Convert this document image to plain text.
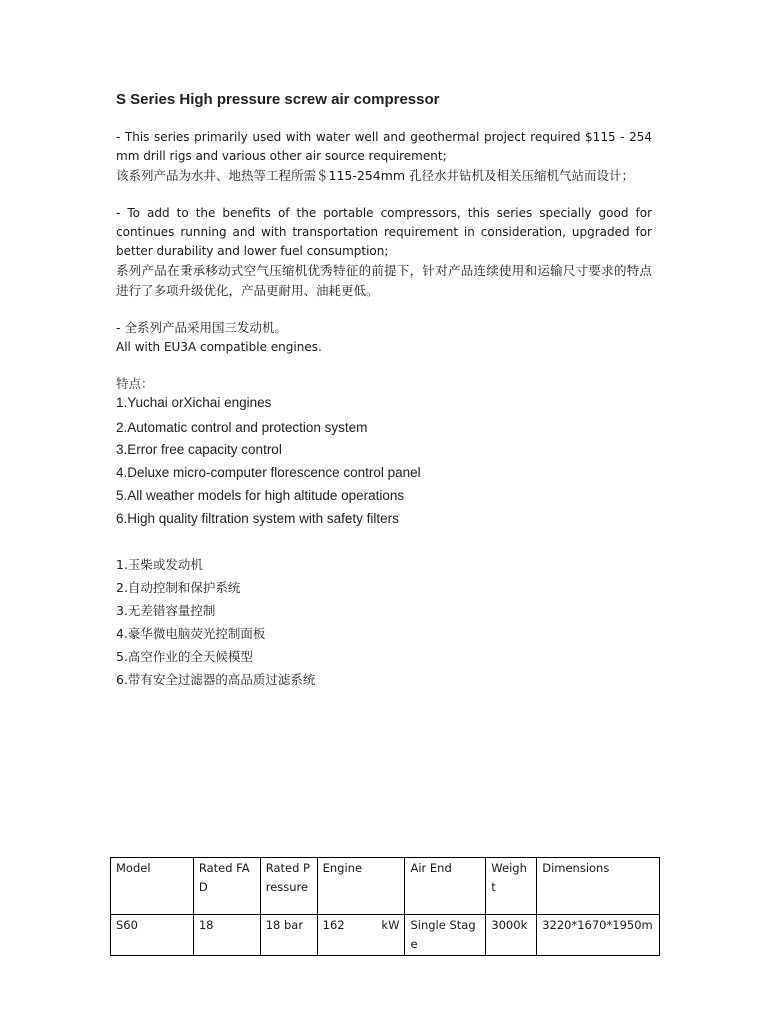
S Series High pressure screw air compressor
- This series primarily used with water well and geothermal project required $115 - 254 mm drill rigs and various other air source requirement;
该系列产品为水井、地热等工程所需＄115-254mm 孔径水井钻机及相关压缩机气站而设计；
- To add to the benefits of the portable compressors, this series specially good for continues running and with transportation requirement in consideration, upgraded for better durability and lower fuel consumption;
系列产品在秉承移动式空气压缩机优秀特征的前提下，针对产品连续使用和运输尺寸要求的特点进行了多项升级优化，产品更耐用、油耗更低。
- 全系列产品采用国三发动机。
All with EU3A compatible engines.
特点：
1.Yuchai orXichai engines
2.Automatic control and protection system
3.Error free capacity control
4.Deluxe micro-computer florescence control panel
5.All weather models for high altitude operations
6.High quality filtration system with safety filters
1.玉柴或发动机
2.自动控制和保护系统
3.无差错容量控制
4.豪华微电脑荧光控制面板
5.高空作业的全天候模型
6.带有安全过滤器的高品质过滤系统
Model	Rated FAD	Rated Pressure	Engine	Air End	Weight	Dimensions
S60	18	18 bar	162 kW	Single Stage	3000k	3220*1670*1950m
